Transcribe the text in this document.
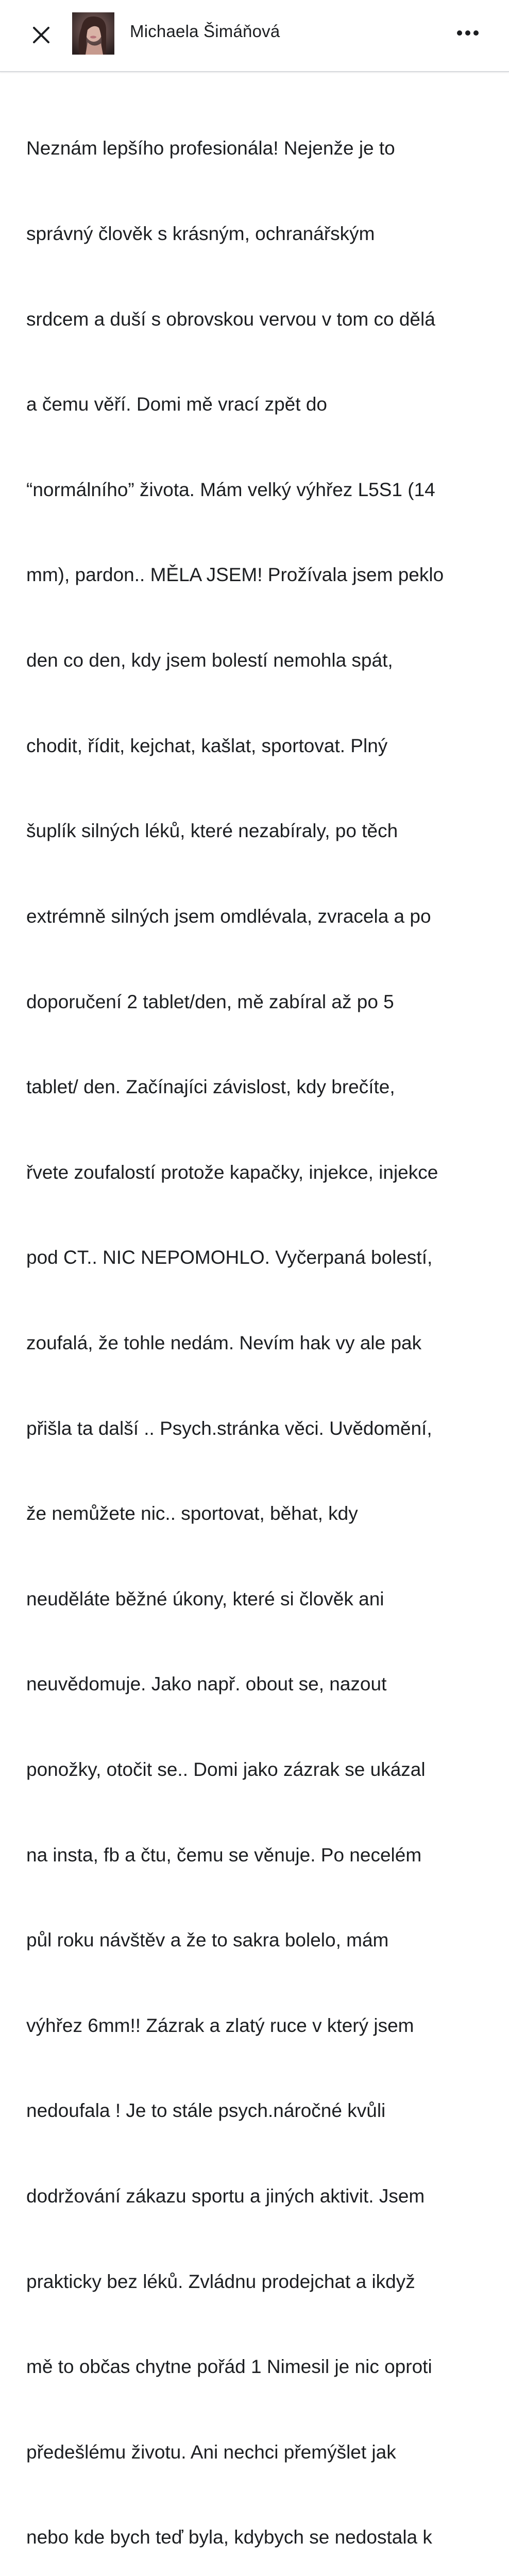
Michaela Šimáňová

Neznám lepšího profesionála! Nejenže je to

správný člověk s krásným, ochranářským

srdcem a duší s obrovskou vervou v tom co dělá

a čemu věří. Domi mě vrací zpět do

“normálního” života. Mám velký výhřez L5S1 (14

mm), pardon.. MĚLA JSEM! Prožívala jsem peklo

den co den, kdy jsem bolestí nemohla spát,

chodit, řídit, kejchat, kašlat, sportovat. Plný

šuplík silných léků, které nezabíraly, po těch

extrémně silných jsem omdlévala, zvracela a po

doporučení 2 tablet/den, mě zabíral až po 5

tablet/ den. Začínajíci závislost, kdy brečíte,

řvete zoufalostí protože kapačky, injekce, injekce

pod CT.. NIC NEPOMOHLO. Vyčerpaná bolestí,

zoufalá, že tohle nedám. Nevím hak vy ale pak

přišla ta další .. Psych.stránka věci. Uvědomění,

že nemůžete nic.. sportovat, běhat, kdy

neuděláte běžné úkony, které si člověk ani

neuvědomuje. Jako např. obout se, nazout

ponožky, otočit se.. Domi jako zázrak se ukázal

na insta, fb a čtu, čemu se věnuje. Po necelém

půl roku návštěv a že to sakra bolelo, mám

výhřez 6mm!! Zázrak a zlatý ruce v který jsem

nedoufala ! Je to stále psych.náročné kvůli

dodržování zákazu sportu a jiných aktivit. Jsem

prakticky bez léků. Zvládnu prodejchat a ikdyž

mě to občas chytne pořád 1 Nimesil je nic oproti

předešlému životu. Ani nechci přemýšlet jak

nebo kde bych teď byla, kdybych se nedostala k
